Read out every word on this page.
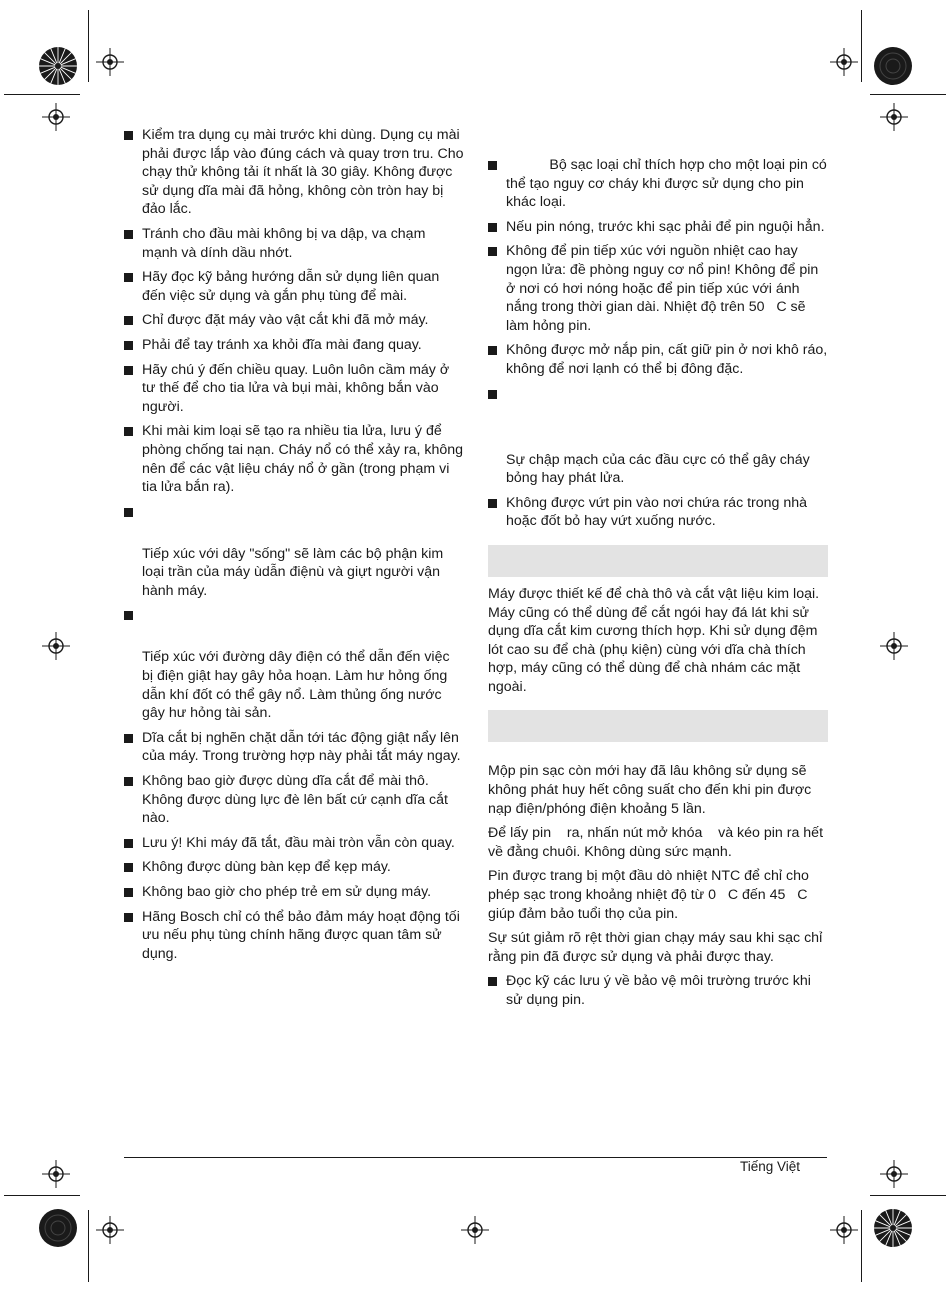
Kiểm tra dụng cụ mài trước khi dùng. Dụng cụ mài phải được lắp vào đúng cách và quay trơn tru. Cho chạy thử không tải ít nhất là 30 giây. Không được sử dụng dĩa mài đã hỏng, không còn tròn hay bị đảo lắc.
Tránh cho đầu mài không bị va dập, va chạm mạnh và dính dầu nhớt.
Hãy đọc kỹ bảng hướng dẫn sử dụng liên quan đến việc sử dụng và gắn phụ tùng để mài.
Chỉ được đặt máy vào vật cắt khi đã mở máy.
Phải để tay tránh xa khỏi đĩa mài đang quay.
Hãy chú ý đến chiều quay. Luôn luôn cầm máy ở tư thế để cho tia lửa và bụi mài, không bắn vào người.
Khi mài kim loại sẽ tạo ra nhiều tia lửa, lưu ý để phòng chống tai nạn. Cháy nổ có thể xảy ra, không nên để các vật liệu cháy nổ ở gần (trong phạm vi tia lửa bắn ra).
Tiếp xúc với dây "sống" sẽ làm các bộ phận kim loại trần của máy ùdẫn điệnù và giựt người vận hành máy.
Tiếp xúc với đường dây điện có thể dẫn đến việc bị điện giật hay gây hỏa hoạn. Làm hư hỏng ống dẫn khí đốt có thể gây nổ. Làm thủng ống nước gây hư hỏng tài sản.
Dĩa cắt bị nghẽn chặt dẫn tới tác động giật nẩy lên của máy. Trong trường hợp này phải tắt máy ngay.
Không bao giờ được dùng dĩa cắt để mài thô. Không được dùng lực đè lên bất cứ cạnh dĩa cắt nào.
Lưu ý! Khi máy đã tắt, đầu mài tròn vẫn còn quay.
Không được dùng bàn kẹp để kẹp máy.
Không bao giờ cho phép trẻ em sử dụng máy.
Hãng Bosch chỉ có thể bảo đảm máy hoạt động tối ưu nếu phụ tùng chính hãng được quan tâm sử dụng.
Bộ sạc loại chỉ thích hợp cho một loại pin có thể tạo nguy cơ cháy khi được sử dụng cho pin khác loại.
Nếu pin nóng, trước khi sạc phải để pin nguội hẳn.
Không để pin tiếp xúc với nguồn nhiệt cao hay ngọn lửa: đề phòng nguy cơ nổ pin! Không để pin ở nơi có hơi nóng hoặc để pin tiếp xúc với ánh nắng trong thời gian dài. Nhiệt độ trên 50   C sẽ làm hỏng pin.
Không được mở nắp pin, cất giữ pin ở nơi khô ráo, không để nơi lạnh có thể bị đông đặc.
Sự chập mạch của các đầu cực có thể gây cháy bỏng hay phát lửa.
Không được vứt pin vào nơi chứa rác trong nhà hoặc đốt bỏ hay vứt xuống nước.
Máy được thiết kế để chà thô và cắt vật liệu kim loại. Máy cũng có thể dùng để cắt ngói hay đá lát khi sử dụng dĩa cắt kim cương thích hợp. Khi sử dụng đệm lót cao su để chà (phụ kiện) cùng với dĩa chà thích hợp, máy cũng có thể dùng để chà nhám các mặt ngoài.
Mộp pin sạc còn mới hay đã lâu không sử dụng sẽ không phát huy hết công suất cho đến khi pin được nạp điện/phóng điện khoảng 5 lần.
Để lấy pin    ra, nhấn nút mở khóa    và kéo pin ra hết về đằng chuôi. Không dùng sức mạnh.
Pin được trang bị một đầu dò nhiệt NTC để chỉ cho phép sạc trong khoảng nhiệt độ từ 0   C đến 45   C giúp đảm bảo tuổi thọ của pin.
Sự sút giảm rõ rệt thời gian chạy máy sau khi sạc chỉ rằng pin đã được sử dụng và phải được thay.
Đọc kỹ các lưu ý về bảo vệ môi trường trước khi sử dụng pin.
Tiếng Việt
